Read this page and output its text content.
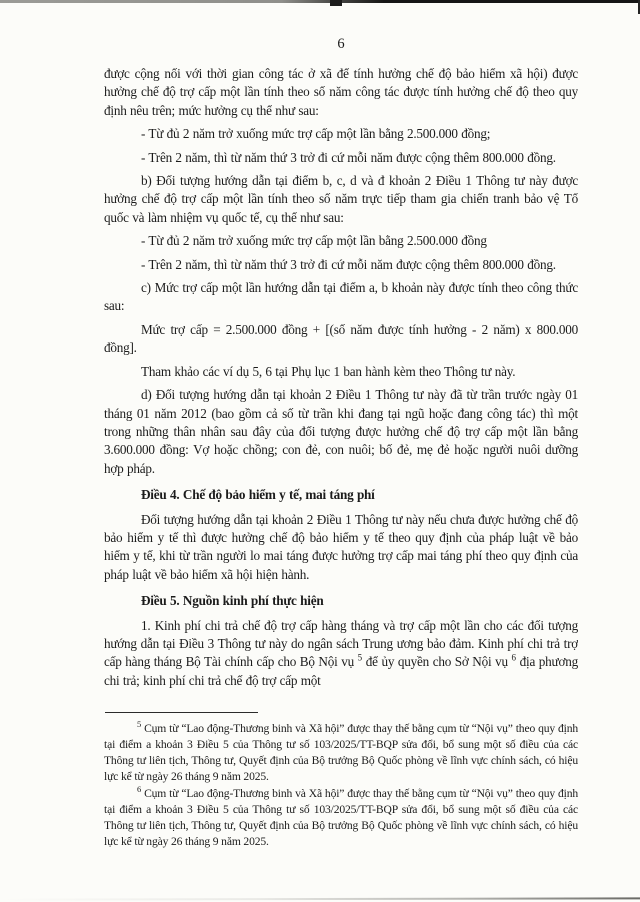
6

được cộng nối với thời gian công tác ở xã để tính hưởng chế độ bảo hiểm xã hội) được hưởng chế độ trợ cấp một lần tính theo số năm công tác được tính hưởng chế độ theo quy định nêu trên; mức hưởng cụ thể như sau:

- Từ đủ 2 năm trở xuống mức trợ cấp một lần bằng 2.500.000 đồng;

- Trên 2 năm, thì từ năm thứ 3 trở đi cứ mỗi năm được cộng thêm 800.000 đồng.

b) Đối tượng hướng dẫn tại điểm b, c, d và đ khoản 2 Điều 1 Thông tư này được hưởng chế độ trợ cấp một lần tính theo số năm trực tiếp tham gia chiến tranh bảo vệ Tổ quốc và làm nhiệm vụ quốc tế, cụ thể như sau:

- Từ đủ 2 năm trở xuống mức trợ cấp một lần bằng 2.500.000 đồng

- Trên 2 năm, thì từ năm thứ 3 trở đi cứ mỗi năm được cộng thêm 800.000 đồng.

c) Mức trợ cấp một lần hướng dẫn tại điểm a, b khoản này được tính theo công thức sau:

Mức trợ cấp = 2.500.000 đồng + [(số năm được tính hưởng - 2 năm) x 800.000 đồng].

Tham khảo các ví dụ 5, 6 tại Phụ lục 1 ban hành kèm theo Thông tư này.

d) Đối tượng hướng dẫn tại khoản 2 Điều 1 Thông tư này đã từ trần trước ngày 01 tháng 01 năm 2012 (bao gồm cả số từ trần khi đang tại ngũ hoặc đang công tác) thì một trong những thân nhân sau đây của đối tượng được hưởng chế độ trợ cấp một lần bằng 3.600.000 đồng: Vợ hoặc chồng; con đẻ, con nuôi; bố đẻ, mẹ đẻ hoặc người nuôi dưỡng hợp pháp.

Điều 4. Chế độ bảo hiểm y tế, mai táng phí

Đối tượng hướng dẫn tại khoản 2 Điều 1 Thông tư này nếu chưa được hưởng chế độ bảo hiểm y tế thì được hưởng chế độ bảo hiểm y tế theo quy định của pháp luật về bảo hiểm y tế, khi từ trần người lo mai táng được hưởng trợ cấp mai táng phí theo quy định của pháp luật về bảo hiểm xã hội hiện hành.

Điều 5. Nguồn kinh phí thực hiện

1. Kinh phí chi trả chế độ trợ cấp hàng tháng và trợ cấp một lần cho các đối tượng hướng dẫn tại Điều 3 Thông tư này do ngân sách Trung ương bảo đảm. Kinh phí chi trả trợ cấp hàng tháng Bộ Tài chính cấp cho Bộ Nội vụ $^5$ để ủy quyền cho Sở Nội vụ $^6$ địa phương chi trả; kinh phí chi trả chế độ trợ cấp một

$^5$ Cụm từ “Lao động-Thương binh và Xã hội” được thay thế bằng cụm từ “Nội vụ” theo quy định tại điểm a khoản 3 Điều 5 của Thông tư số 103/2025/TT-BQP sửa đổi, bổ sung một số điều của các Thông tư liên tịch, Thông tư, Quyết định của Bộ trưởng Bộ Quốc phòng về lĩnh vực chính sách, có hiệu lực kể từ ngày 26 tháng 9 năm 2025.

$^6$ Cụm từ “Lao động-Thương binh và Xã hội” được thay thế bằng cụm từ “Nội vụ” theo quy định tại điểm a khoản 3 Điều 5 của Thông tư số 103/2025/TT-BQP sửa đổi, bổ sung một số điều của các Thông tư liên tịch, Thông tư, Quyết định của Bộ trưởng Bộ Quốc phòng về lĩnh vực chính sách, có hiệu lực kể từ ngày 26 tháng 9 năm 2025.
